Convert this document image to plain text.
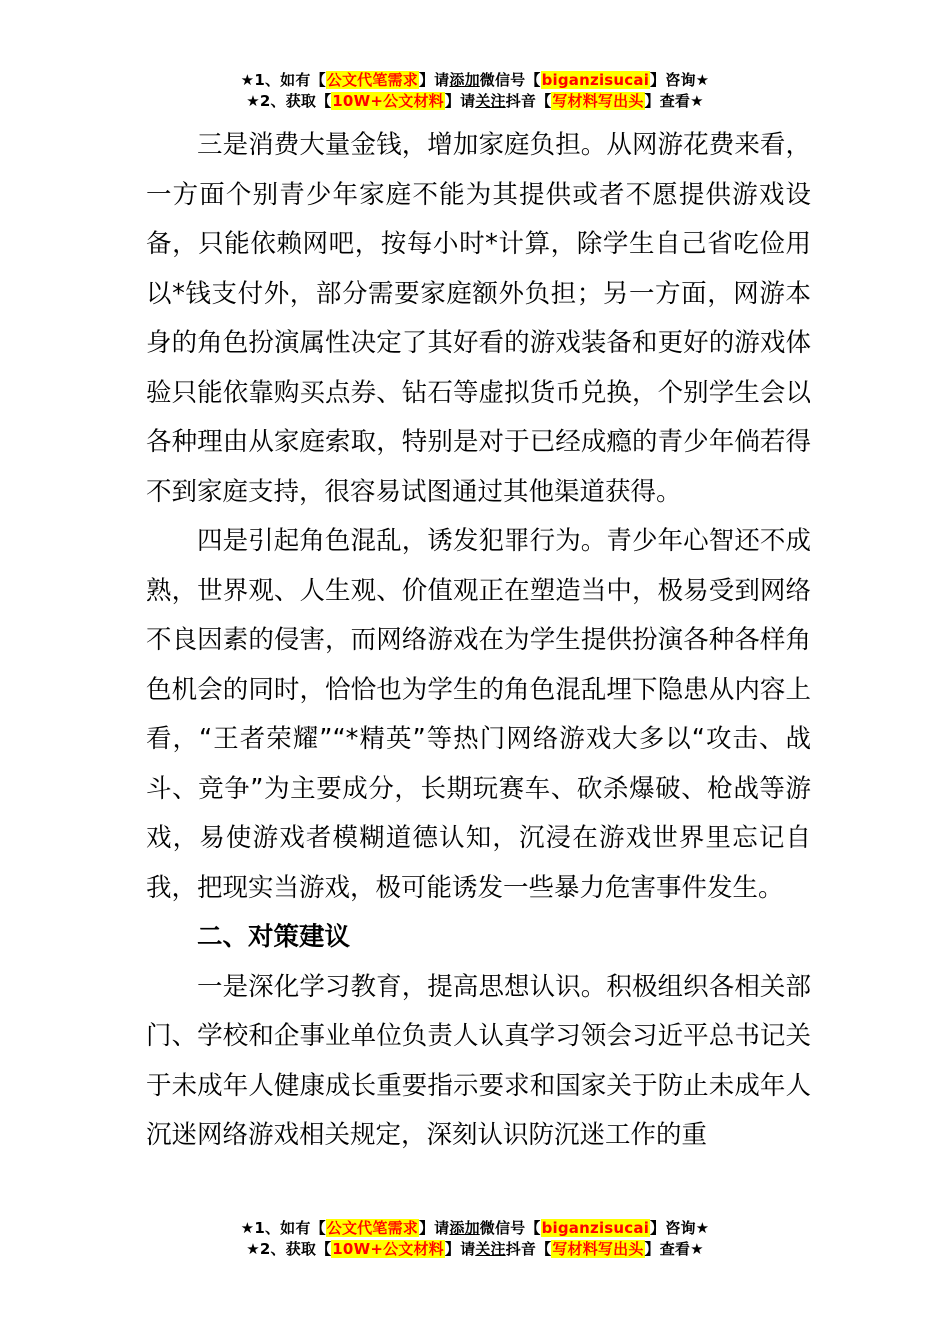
★1、如有【公文代笔需求】请添加微信号【biganzisucai】咨询★
★2、获取【10W+公文材料】请关注抖音【写材料写出头】查看★

三是消费大量金钱，增加家庭负担。从网游花费来看，一方面个别青少年家庭不能为其提供或者不愿提供游戏设备，只能依赖网吧，按每小时*计算，除学生自己省吃俭用以*钱支付外，部分需要家庭额外负担；另一方面，网游本身的角色扮演属性决定了其好看的游戏装备和更好的游戏体验只能依靠购买点券、钻石等虚拟货币兑换，个别学生会以各种理由从家庭索取，特别是对于已经成瘾的青少年倘若得不到家庭支持，很容易试图通过其他渠道获得。

四是引起角色混乱，诱发犯罪行为。青少年心智还不成熟，世界观、人生观、价值观正在塑造当中，极易受到网络不良因素的侵害，而网络游戏在为学生提供扮演各种各样角色机会的同时，恰恰也为学生的角色混乱埋下隐患从内容上看，“王者荣耀”“*精英”等热门网络游戏大多以“攻击、战斗、竞争”为主要成分，长期玩赛车、砍杀爆破、枪战等游戏，易使游戏者模糊道德认知，沉浸在游戏世界里忘记自我，把现实当游戏，极可能诱发一些暴力危害事件发生。

二、对策建议

一是深化学习教育，提高思想认识。积极组织各相关部门、学校和企事业单位负责人认真学习领会习近平总书记关于未成年人健康成长重要指示要求和国家关于防止未成年人沉迷网络游戏相关规定，深刻认识防沉迷工作的重

★1、如有【公文代笔需求】请添加微信号【biganzisucai】咨询★
★2、获取【10W+公文材料】请关注抖音【写材料写出头】查看★
